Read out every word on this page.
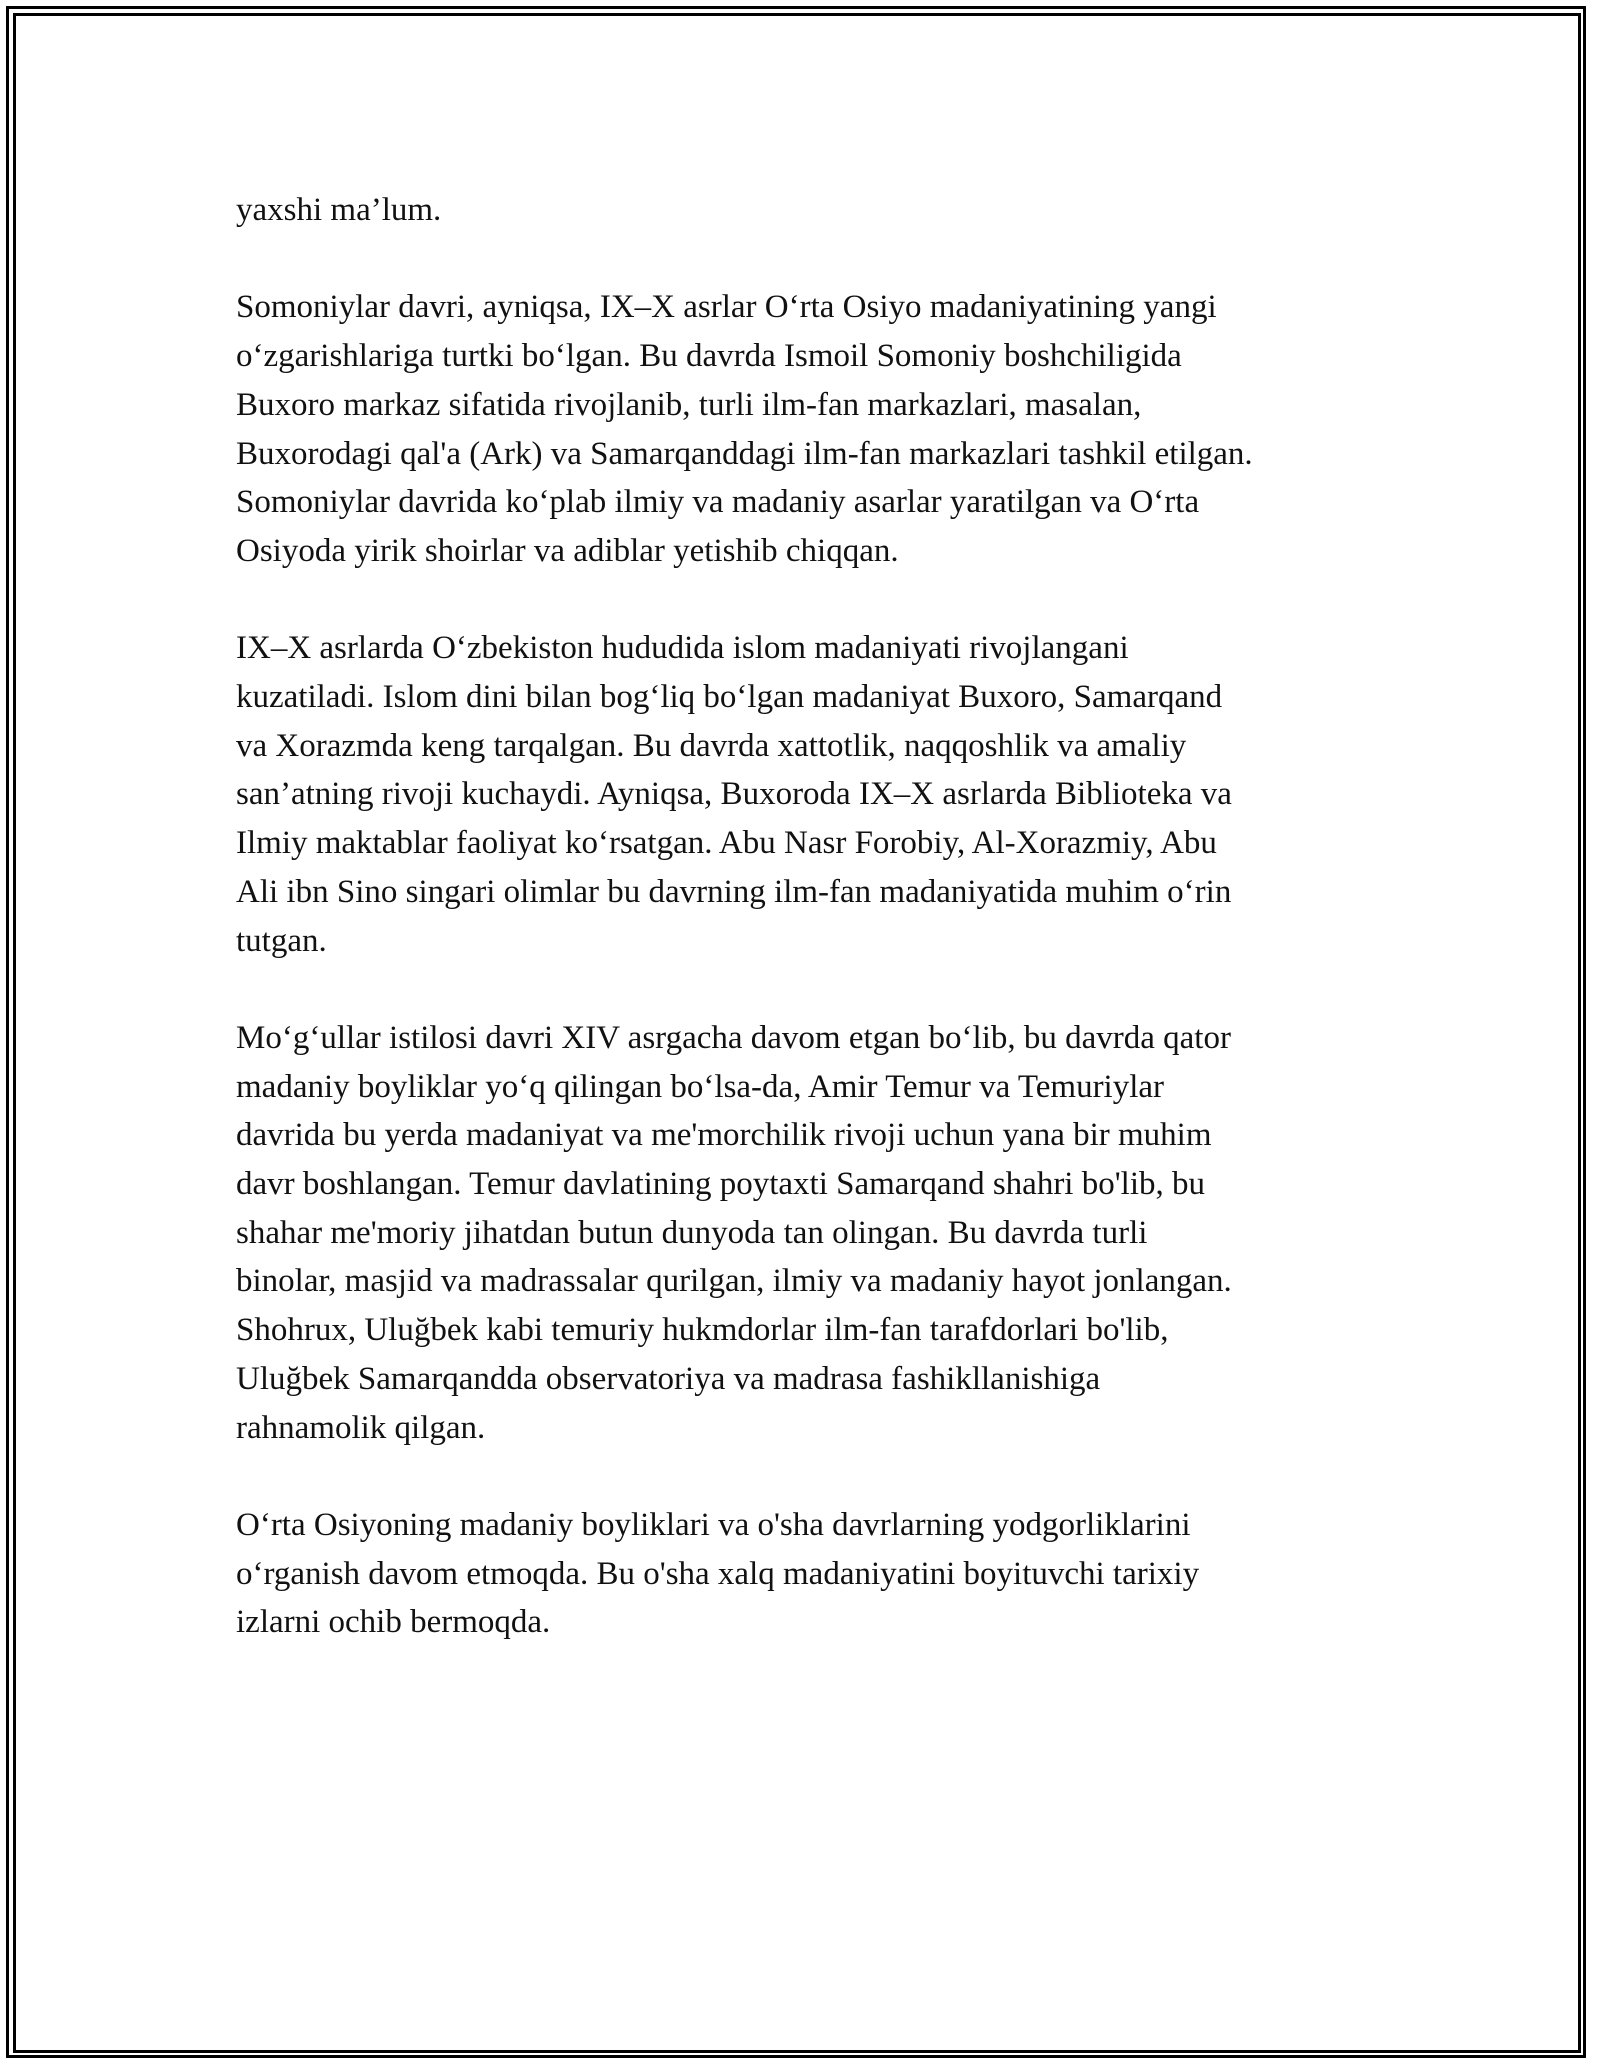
yaxshi ma’lum.

Somoniylar davri, ayniqsa, IX–X asrlar O‘rta Osiyo madaniyatining yangi
o‘zgarishlariga turtki bo‘lgan. Bu davrda Ismoil Somoniy boshchiligida
Buxoro markaz sifatida rivojlanib, turli ilm-fan markazlari, masalan,
Buxorodagi qal'a (Ark) va Samarqanddagi ilm-fan markazlari tashkil etilgan.
Somoniylar davrida ko‘plab ilmiy va madaniy asarlar yaratilgan va O‘rta
Osiyoda yirik shoirlar va adiblar yetishib chiqqan.

IX–X asrlarda O‘zbekiston hududida islom madaniyati rivojlangani
kuzatiladi. Islom dini bilan bog‘liq bo‘lgan madaniyat Buxoro, Samarqand
va Xorazmda keng tarqalgan. Bu davrda xattotlik, naqqoshlik va amaliy
san’atning rivoji kuchaydi. Ayniqsa, Buxoroda IX–X asrlarda Biblioteka va
Ilmiy maktablar faoliyat ko‘rsatgan. Abu Nasr Forobiy, Al-Xorazmiy, Abu
Ali ibn Sino singari olimlar bu davrning ilm-fan madaniyatida muhim o‘rin
tutgan.

Mo‘g‘ullar istilosi davri XIV asrgacha davom etgan bo‘lib, bu davrda qator
madaniy boyliklar yo‘q qilingan bo‘lsa-da, Amir Temur va Temuriylar
davrida bu yerda madaniyat va me'morchilik rivoji uchun yana bir muhim
davr boshlangan. Temur davlatining poytaxti Samarqand shahri bo'lib, bu
shahar me'moriy jihatdan butun dunyoda tan olingan. Bu davrda turli
binolar, masjid va madrassalar qurilgan, ilmiy va madaniy hayot jonlangan.
Shohrux, Uluğbek kabi temuriy hukmdorlar ilm-fan tarafdorlari bo'lib,
Uluğbek Samarqandda observatoriya va madrasa fashikllanishiga
rahnamolik qilgan.

O‘rta Osiyoning madaniy boyliklari va o'sha davrlarning yodgorliklarini
o‘rganish davom etmoqda. Bu o'sha xalq madaniyatini boyituvchi tarixiy
izlarni ochib bermoqda.
